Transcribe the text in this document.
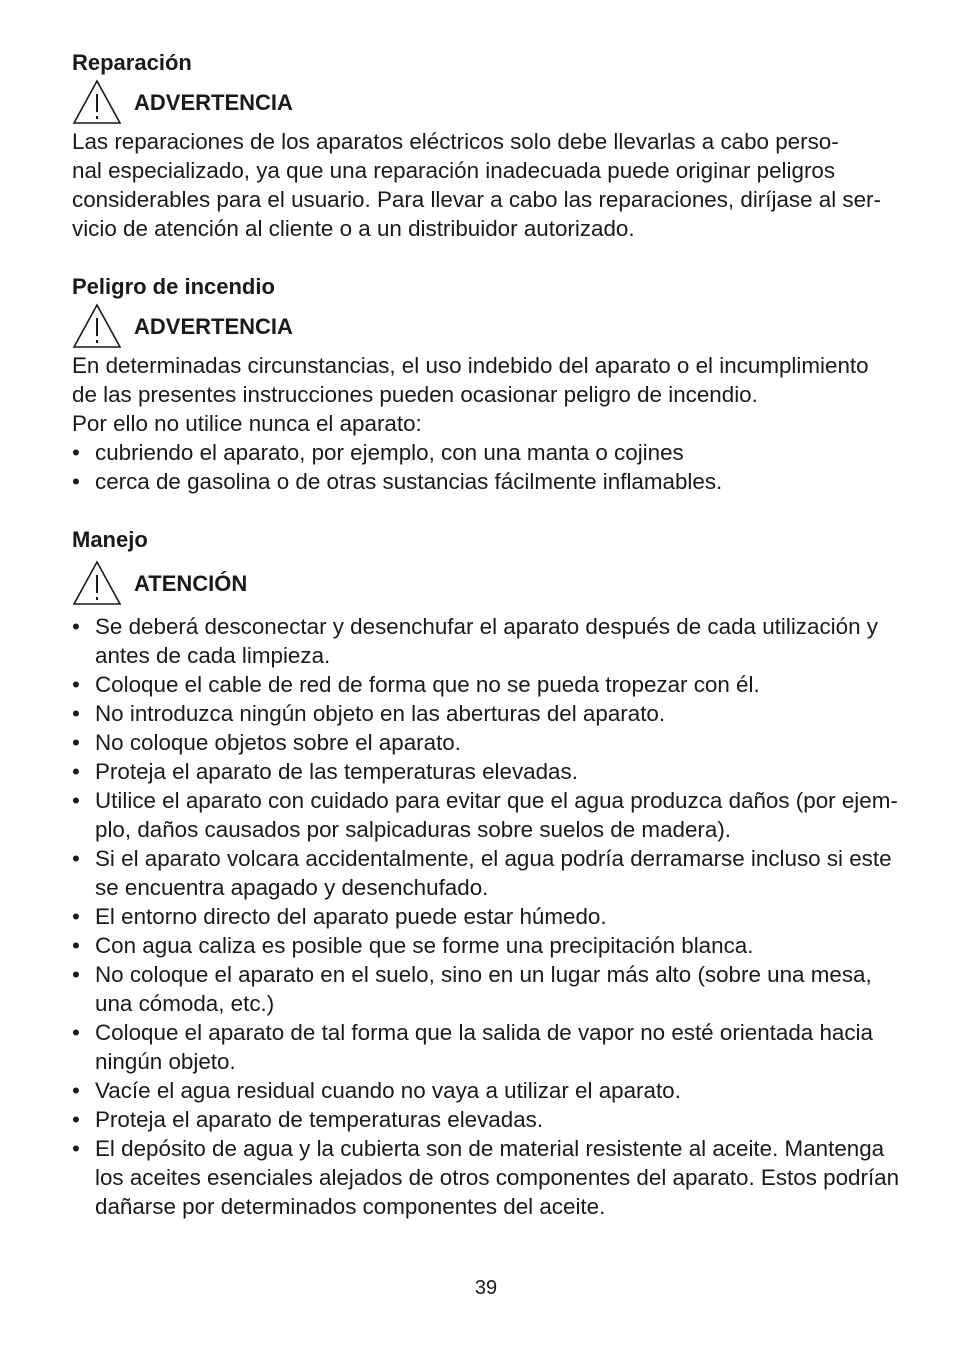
Reparación
ADVERTENCIA

Las reparaciones de los aparatos eléctricos solo debe llevarlas a cabo perso-
nal especializado, ya que una reparación inadecuada puede originar peligros
considerables para el usuario. Para llevar a cabo las reparaciones, diríjase al ser-
vicio de atención al cliente o a un distribuidor autorizado.

Peligro de incendio
ADVERTENCIA

En determinadas circunstancias, el uso indebido del aparato o el incumplimiento
de las presentes instrucciones pueden ocasionar peligro de incendio.
Por ello no utilice nunca el aparato:

• cubriendo el aparato, por ejemplo, con una manta o cojines
• cerca de gasolina o de otras sustancias fácilmente inflamables.
Manejo
ATENCIÓN
• Se deberá desconectar y desenchufar el aparato después de cada utilización y antes de cada limpieza.
• Coloque el cable de red de forma que no se pueda tropezar con él.
• No introduzca ningún objeto en las aberturas del aparato.
• No coloque objetos sobre el aparato.
• Proteja el aparato de las temperaturas elevadas.
• Utilice el aparato con cuidado para evitar que el agua produzca daños (por ejem-plo, daños causados por salpicaduras sobre suelos de madera).
• Si el aparato volcara accidentalmente, el agua podría derramarse incluso si este se encuentra apagado y desenchufado.
• El entorno directo del aparato puede estar húmedo.
• Con agua caliza es posible que se forme una precipitación blanca.
• No coloque el aparato en el suelo, sino en un lugar más alto (sobre una mesa, una cómoda, etc.)
• Coloque el aparato de tal forma que la salida de vapor no esté orientada hacia ningún objeto.
• Vacíe el agua residual cuando no vaya a utilizar el aparato.
• Proteja el aparato de temperaturas elevadas.
• El depósito de agua y la cubierta son de material resistente al aceite. Mantenga los aceites esenciales alejados de otros componentes del aparato. Estos podrían dañarse por determinados componentes del aceite.
39
